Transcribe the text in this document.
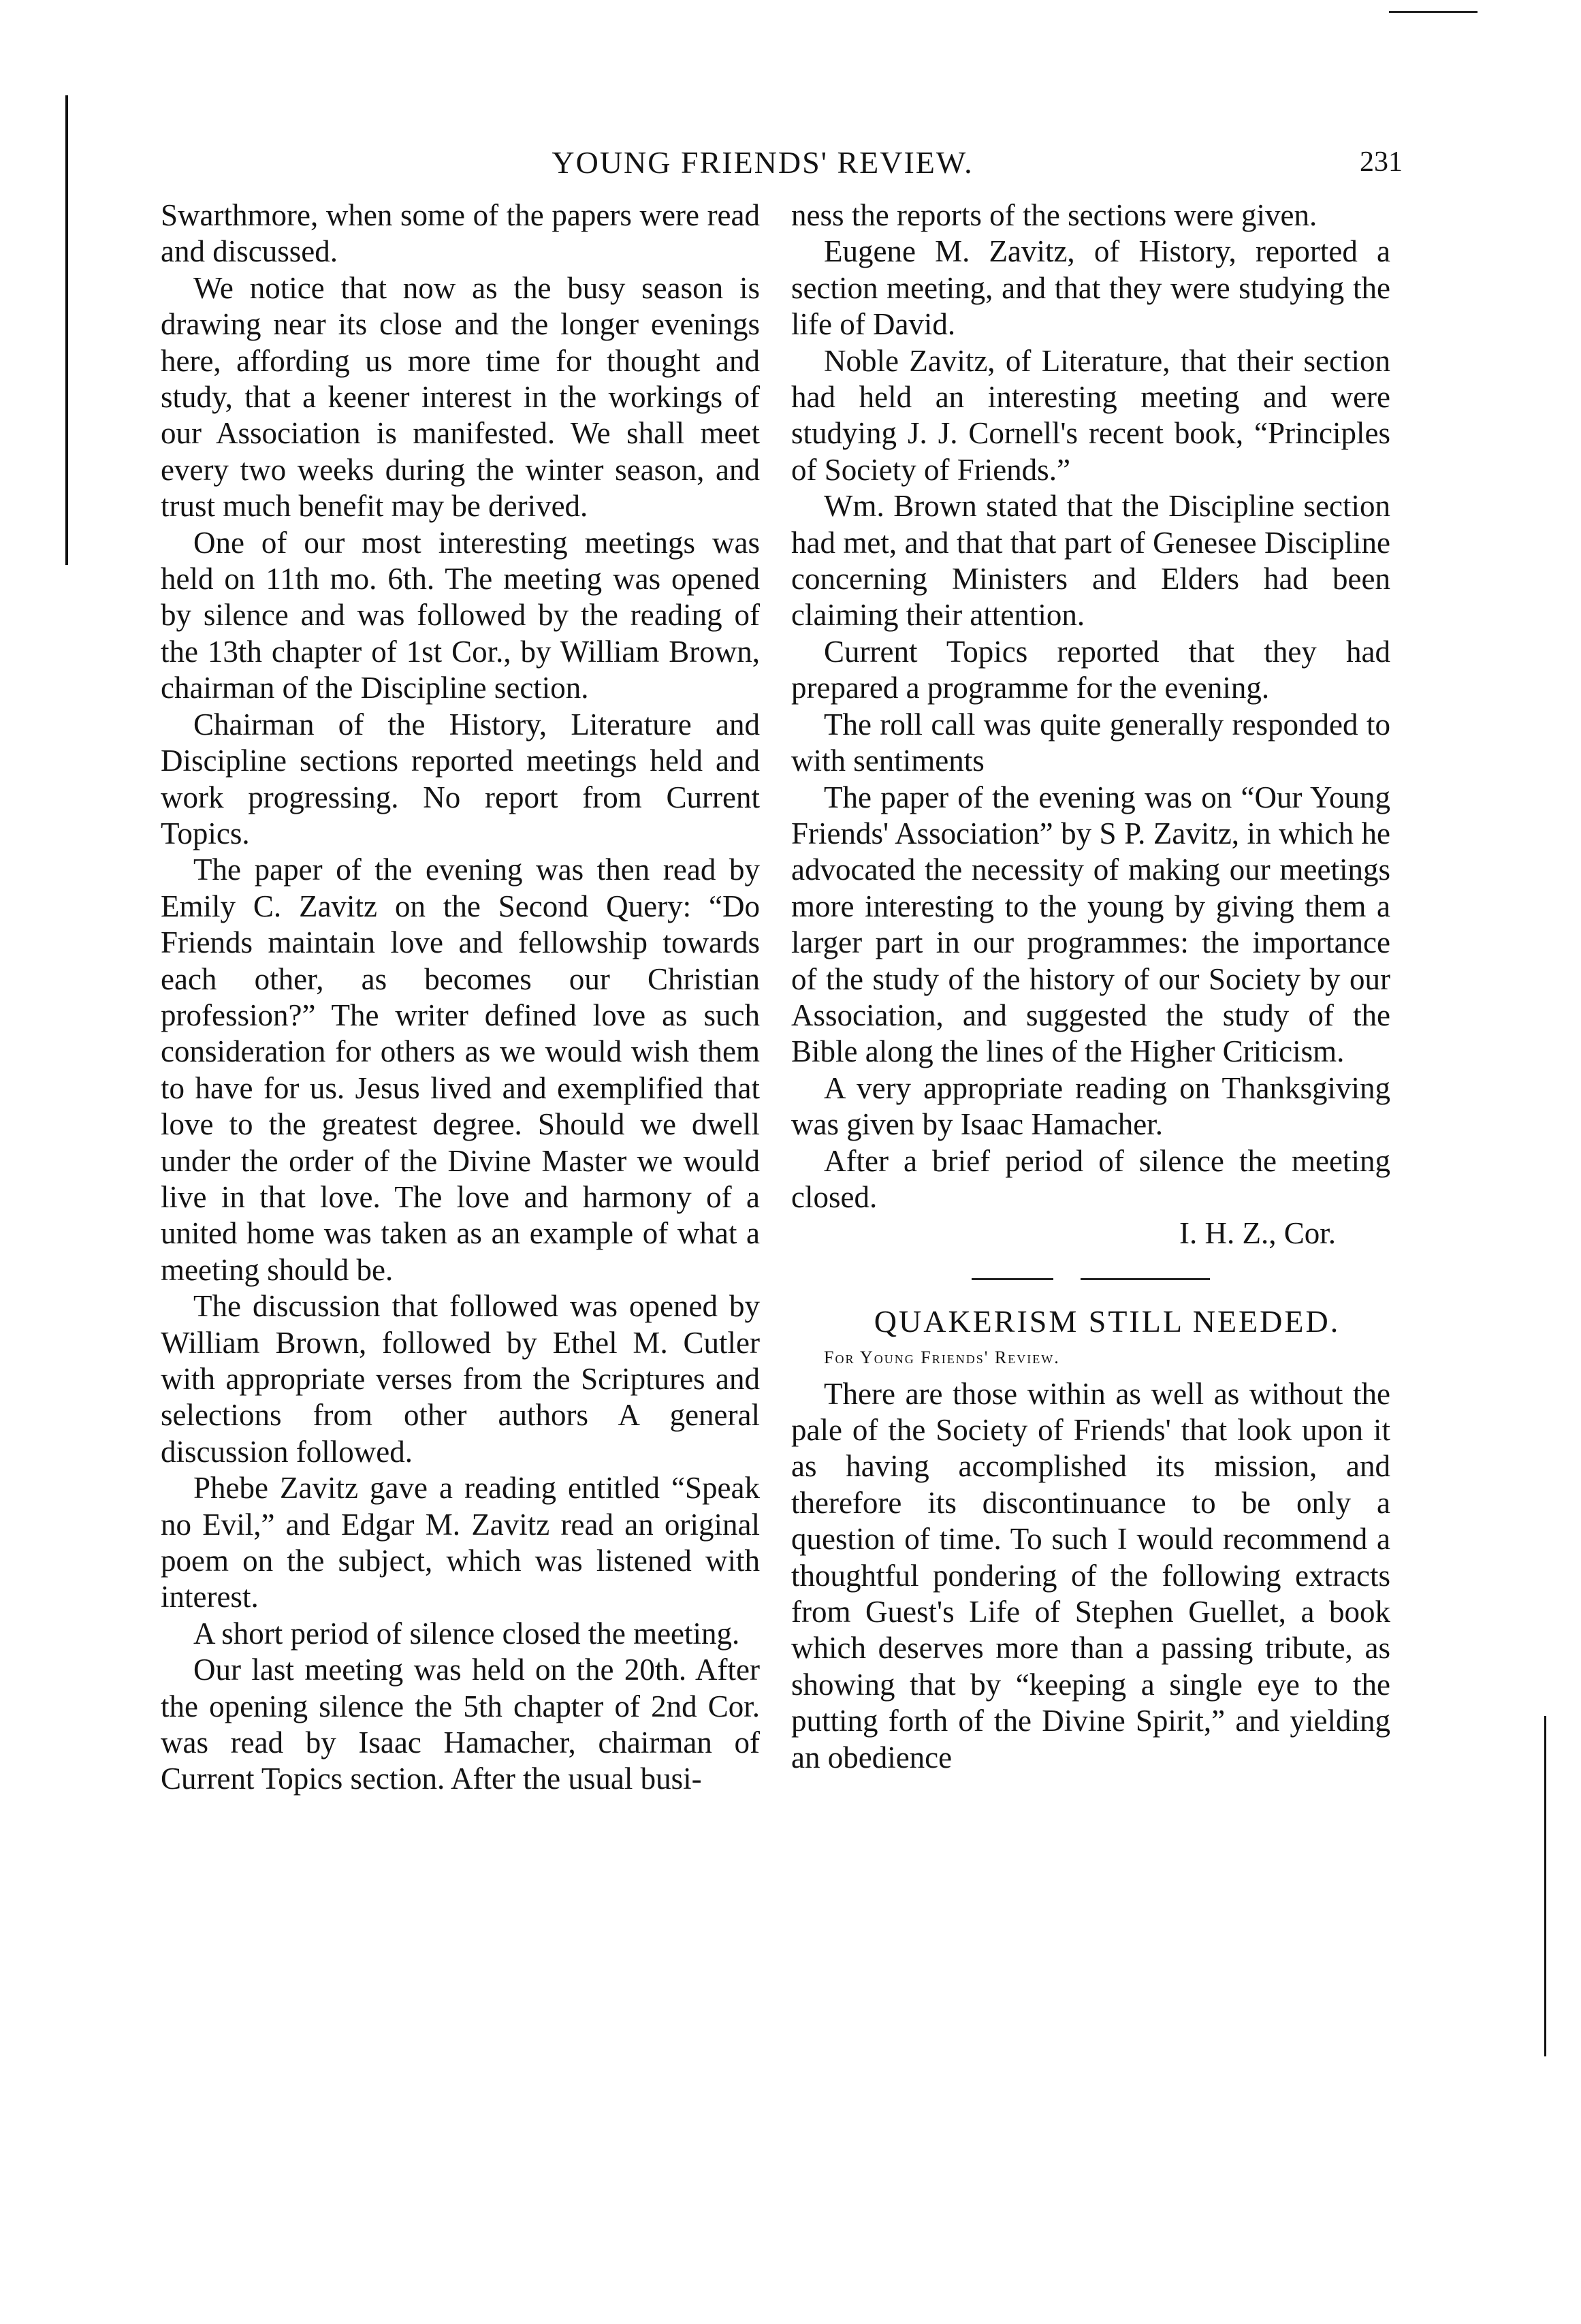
YOUNG FRIENDS' REVIEW.	231

Swarthmore, when some of the papers were read and discussed.

We notice that now as the busy season is drawing near its close and the longer evenings here, affording us more time for thought and study, that a keener interest in the workings of our Association is manifested. We shall meet every two weeks during the winter season, and trust much benefit may be derived.

One of our most interesting meetings was held on 11th mo. 6th. The meeting was opened by silence and was followed by the reading of the 13th chapter of 1st Cor., by William Brown, chairman of the Discipline section.

Chairman of the History, Literature and Discipline sections reported meetings held and work progressing. No report from Current Topics.

The paper of the evening was then read by Emily C. Zavitz on the Second Query: “Do Friends maintain love and fellowship towards each other, as becomes our Christian profession?” The writer defined love as such consideration for others as we would wish them to have for us. Jesus lived and exemplified that love to the greatest degree. Should we dwell under the order of the Divine Master we would live in that love. The love and harmony of a united home was taken as an example of what a meeting should be.

The discussion that followed was opened by William Brown, followed by Ethel M. Cutler with appropriate verses from the Scriptures and selections from other authors A general discussion followed.

Phebe Zavitz gave a reading entitled “Speak no Evil,” and Edgar M. Zavitz read an original poem on the subject, which was listened with interest.

A short period of silence closed the meeting.

Our last meeting was held on the 20th. After the opening silence the 5th chapter of 2nd Cor. was read by Isaac Hamacher, chairman of Current Topics section. After the usual busi-

ness the reports of the sections were given.

Eugene M. Zavitz, of History, reported a section meeting, and that they were studying the life of David.

Noble Zavitz, of Literature, that their section had held an interesting meeting and were studying J. J. Cornell's recent book, “Principles of Society of Friends.”

Wm. Brown stated that the Discipline section had met, and that that part of Genesee Discipline concerning Ministers and Elders had been claiming their attention.

Current Topics reported that they had prepared a programme for the evening.

The roll call was quite generally responded to with sentiments

The paper of the evening was on “Our Young Friends' Association” by S P. Zavitz, in which he advocated the necessity of making our meetings more interesting to the young by giving them a larger part in our programmes: the importance of the study of the history of our Society by our Association, and suggested the study of the Bible along the lines of the Higher Criticism.

A very appropriate reading on Thanksgiving was given by Isaac Hamacher.

After a brief period of silence the meeting closed.

I. H. Z., Cor.

QUAKERISM STILL NEEDED.

For Young Friends' Review.

There are those within as well as without the pale of the Society of Friends' that look upon it as having accomplished its mission, and therefore its discontinuance to be only a question of time. To such I would recommend a thoughtful pondering of the following extracts from Guest's Life of Stephen Guellet, a book which deserves more than a passing tribute, as showing that by “keeping a single eye to the putting forth of the Divine Spirit,” and yielding an obedience
